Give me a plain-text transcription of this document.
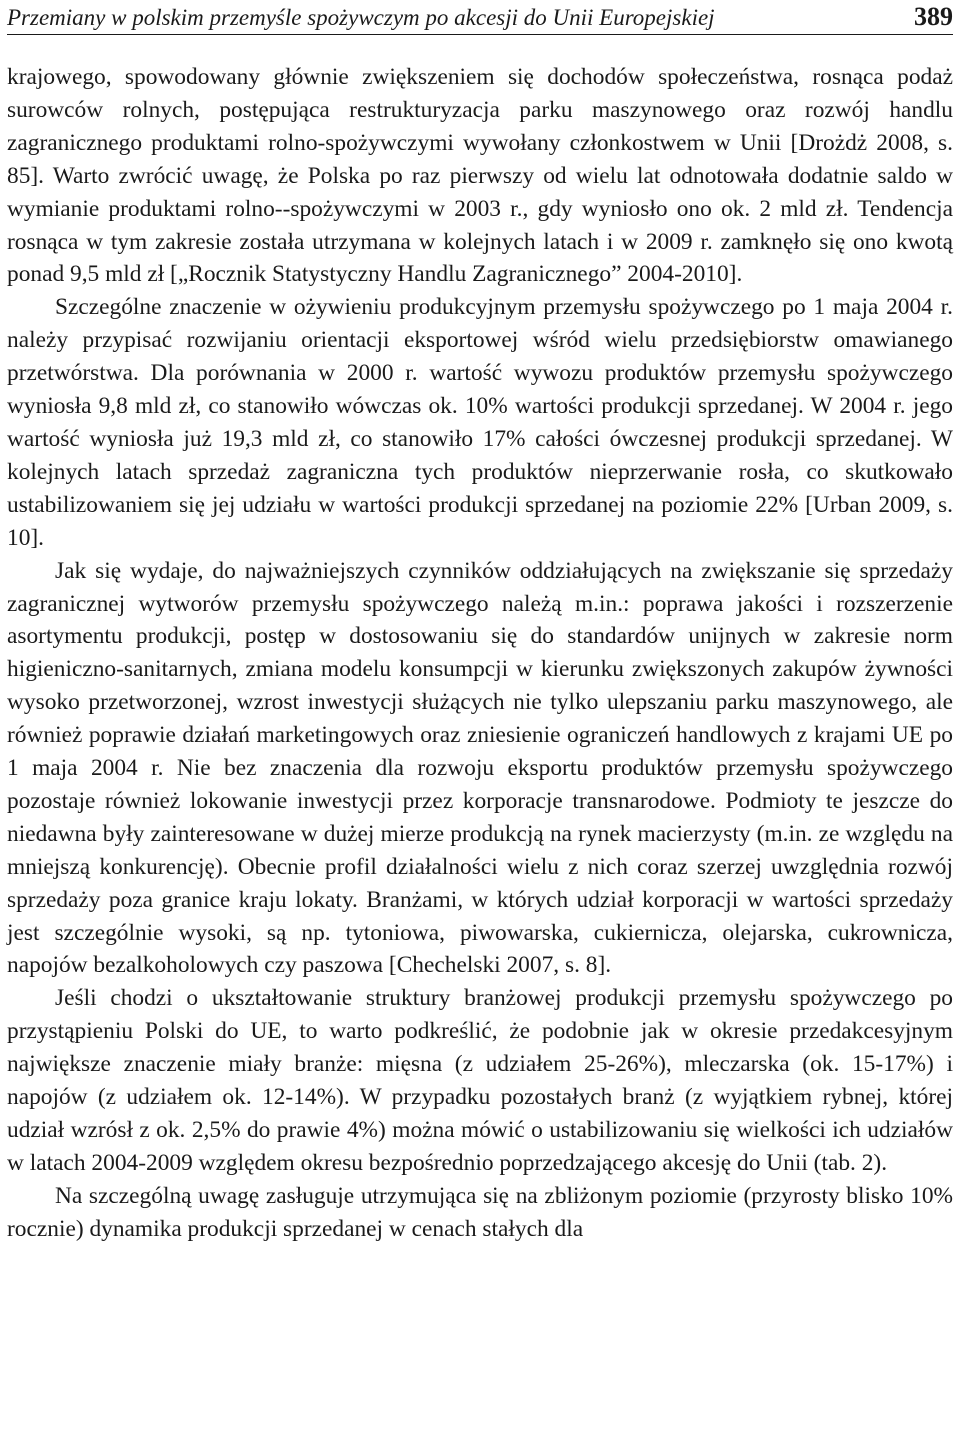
Przemiany w polskim przemyśle spożywczym po akcesji do Unii Europejskiej	389

krajowego, spowodowany głównie zwiększeniem się dochodów społeczeństwa, rosnąca podaż surowców rolnych, postępująca restrukturyzacja parku maszynowego oraz rozwój handlu zagranicznego produktami rolno-spożywczymi wywołany członkostwem w Unii [Drożdż 2008, s. 85]. Warto zwrócić uwagę, że Polska po raz pierwszy od wielu lat odnotowała dodatnie saldo w wymianie produktami rolno--spożywczymi w 2003 r., gdy wyniosło ono ok. 2 mld zł. Tendencja rosnąca w tym zakresie została utrzymana w kolejnych latach i w 2009 r. zamknęło się ono kwotą ponad 9,5 mld zł [„Rocznik Statystyczny Handlu Zagranicznego” 2004-2010].

Szczególne znaczenie w ożywieniu produkcyjnym przemysłu spożywczego po 1 maja 2004 r. należy przypisać rozwijaniu orientacji eksportowej wśród wielu przedsiębiorstw omawianego przetwórstwa. Dla porównania w 2000 r. wartość wywozu produktów przemysłu spożywczego wyniosła 9,8 mld zł, co stanowiło wówczas ok. 10% wartości produkcji sprzedanej. W 2004 r. jego wartość wyniosła już 19,3 mld zł, co stanowiło 17% całości ówczesnej produkcji sprzedanej. W kolejnych latach sprzedaż zagraniczna tych produktów nieprzerwanie rosła, co skutkowało ustabilizowaniem się jej udziału w wartości produkcji sprzedanej na poziomie 22% [Urban 2009, s. 10].

Jak się wydaje, do najważniejszych czynników oddziałujących na zwiększanie się sprzedaży zagranicznej wytworów przemysłu spożywczego należą m.in.: poprawa jakości i rozszerzenie asortymentu produkcji, postęp w dostosowaniu się do standardów unijnych w zakresie norm higieniczno-sanitarnych, zmiana modelu konsumpcji w kierunku zwiększonych zakupów żywności wysoko przetworzonej, wzrost inwestycji służących nie tylko ulepszaniu parku maszynowego, ale również poprawie działań marketingowych oraz zniesienie ograniczeń handlowych z krajami UE po 1 maja 2004 r. Nie bez znaczenia dla rozwoju eksportu produktów przemysłu spożywczego pozostaje również lokowanie inwestycji przez korporacje transnarodowe. Podmioty te jeszcze do niedawna były zainteresowane w dużej mierze produkcją na rynek macierzysty (m.in. ze względu na mniejszą konkurencję). Obecnie profil działalności wielu z nich coraz szerzej uwzględnia rozwój sprzedaży poza granice kraju lokaty. Branżami, w których udział korporacji w wartości sprzedaży jest szczególnie wysoki, są np. tytoniowa, piwowarska, cukiernicza, olejarska, cukrownicza, napojów bezalkoholowych czy paszowa [Chechelski 2007, s. 8].

Jeśli chodzi o ukształtowanie struktury branżowej produkcji przemysłu spożywczego po przystąpieniu Polski do UE, to warto podkreślić, że podobnie jak w okresie przedakcesyjnym największe znaczenie miały branże: mięsna (z udziałem 25-26%), mleczarska (ok. 15-17%) i napojów (z udziałem ok. 12-14%). W przypadku pozostałych branż (z wyjątkiem rybnej, której udział wzrósł z ok. 2,5% do prawie 4%) można mówić o ustabilizowaniu się wielkości ich udziałów w latach 2004-2009 względem okresu bezpośrednio poprzedzającego akcesję do Unii (tab. 2).

Na szczególną uwagę zasługuje utrzymująca się na zbliżonym poziomie (przyrosty blisko 10% rocznie) dynamika produkcji sprzedanej w cenach stałych dla
